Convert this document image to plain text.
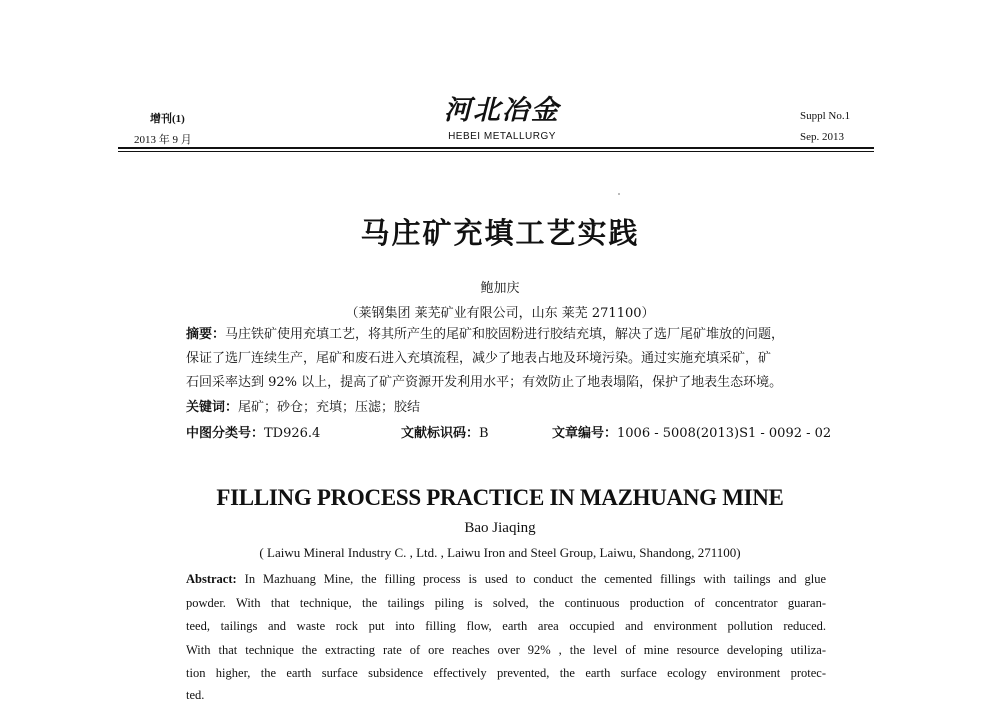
增刊(1)
2013 年 9 月
河北冶金
HEBEI METALLURGY
Suppl No.1
Sep. 2013
马庄矿充填工艺实践
鲍加庆
（莱钢集团 莱芜矿业有限公司，山东 莱芜 271100）
摘要：马庄铁矿使用充填工艺，将其所产生的尾矿和胶固粉进行胶结充填，解决了选厂尾矿堆放的问题，
保证了选厂连续生产，尾矿和废石进入充填流程，减少了地表占地及环境污染。通过实施充填采矿，矿
石回采率达到 92% 以上，提高了矿产资源开发利用水平；有效防止了地表塌陷，保护了地表生态环境。
关键词：尾矿；砂仓；充填；压滤；胶结
中图分类号：TD926.4	文献标识码：B	文章编号：1006 - 5008(2013)S1 - 0092 - 02
FILLING PROCESS PRACTICE IN MAZHUANG MINE
Bao Jiaqing
( Laiwu Mineral Industry C. , Ltd. , Laiwu Iron and Steel Group, Laiwu, Shandong, 271100)
Abstract: In Mazhuang Mine, the filling process is used to conduct the cemented fillings with tailings and glue
powder. With that technique, the tailings piling is solved, the continuous production of concentrator guaran-
teed, tailings and waste rock put into filling flow, earth area occupied and environment pollution reduced.
With that technique the extracting rate of ore reaches over 92% , the level of mine resource developing utiliza-
tion higher, the earth surface subsidence effectively prevented, the earth surface ecology environment protec-
ted.
